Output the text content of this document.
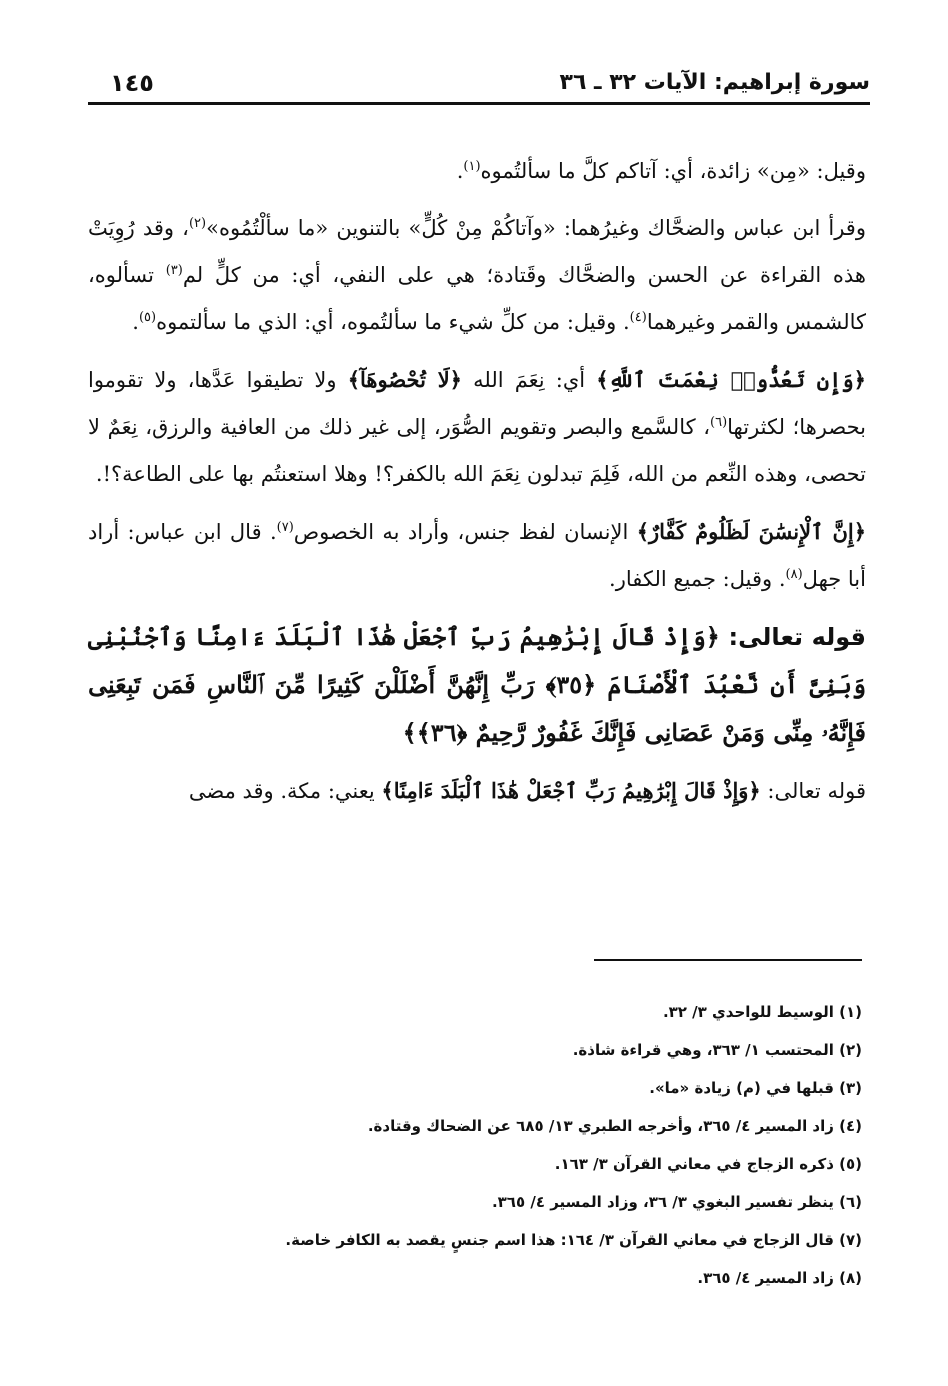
سورة إبراهيم: الآيات ٣٢ ـ ٣٦
١٤٥

وقيل: «مِن» زائدة، أي: آتاكم كلَّ ما سألتُموه$^{(١)}$.

وقرأ ابن عباس والضحَّاك وغيرُهما: «وآتاكُمْ مِنْ كُلٍّ» بالتنوين «ما سألْتُمُوه»$^{(٢)}$، وقد رُوِيَتْ هذه القراءة عن الحسن والضحَّاك وقَتادة؛ هي على النفي، أي: من كلٍّ لم$^{(٣)}$ تسألوه، كالشمس والقمر وغيرهما$^{(٤)}$. وقيل: من كلِّ شيء ما سألتُموه، أي: الذي ما سألتموه$^{(٥)}$.

﴿وَإِن تَعُدُّوا۟ نِعْمَتَ ٱللَّهِ﴾ أي: نِعَمَ الله ﴿لَا تُحْصُوهَآ﴾ ولا تطيقوا عَدَّها، ولا تقوموا بحصرها؛ لكثرتها$^{(٦)}$، كالسَّمع والبصر وتقويم الصُّوَر، إلى غير ذلك من العافية والرزق، نِعَمٌ لا تحصى، وهذه النِّعم من الله، فَلِمَ تبدلون نِعَمَ الله بالكفر؟! وهلا استعنتُم بها على الطاعة؟!.

﴿إِنَّ ٱلْإِنسَٰنَ لَظَلُومٌ كَفَّارٌ﴾ الإنسان لفظ جنس، وأراد به الخصوص$^{(٧)}$. قال ابن عباس: أراد أبا جهل$^{(٨)}$. وقيل: جميع الكفار.

قوله تعالى: ﴿وَإِذْ قَالَ إِبْرَٰهِيمُ رَبِّ ٱجْعَلْ هَٰذَا ٱلْبَلَدَ ءَامِنًا وَٱجْنُبْنِى وَبَنِىَّ أَن نَّعْبُدَ ٱلْأَصْنَامَ ﴿٣٥﴾ رَبِّ إِنَّهُنَّ أَضْلَلْنَ كَثِيرًا مِّنَ ٱلنَّاسِ فَمَن تَبِعَنِى فَإِنَّهُۥ مِنِّى وَمَنْ عَصَانِى فَإِنَّكَ غَفُورٌ رَّحِيمٌ ﴿٣٦﴾﴾

قوله تعالى: ﴿وَإِذْ قَالَ إِبْرَٰهِيمُ رَبِّ ٱجْعَلْ هَٰذَا ٱلْبَلَدَ ءَامِنًا﴾ يعني: مكة. وقد مضى

(١) الوسيط للواحدي ٣/ ٣٢.
(٢) المحتسب ١/ ٣٦٣، وهي قراءة شاذة.
(٣) قبلها في (م) زيادة «ما».
(٤) زاد المسير ٤/ ٣٦٥، وأخرجه الطبري ١٣/ ٦٨٥ عن الضحاك وقتادة.
(٥) ذكره الزجاج في معاني القرآن ٣/ ١٦٣.
(٦) ينظر تفسير البغوي ٣/ ٣٦، وزاد المسير ٤/ ٣٦٥.
(٧) قال الزجاج في معاني القرآن ٣/ ١٦٤: هذا اسم جنسٍ يقصد به الكافر خاصة.
(٨) زاد المسير ٤/ ٣٦٥.
